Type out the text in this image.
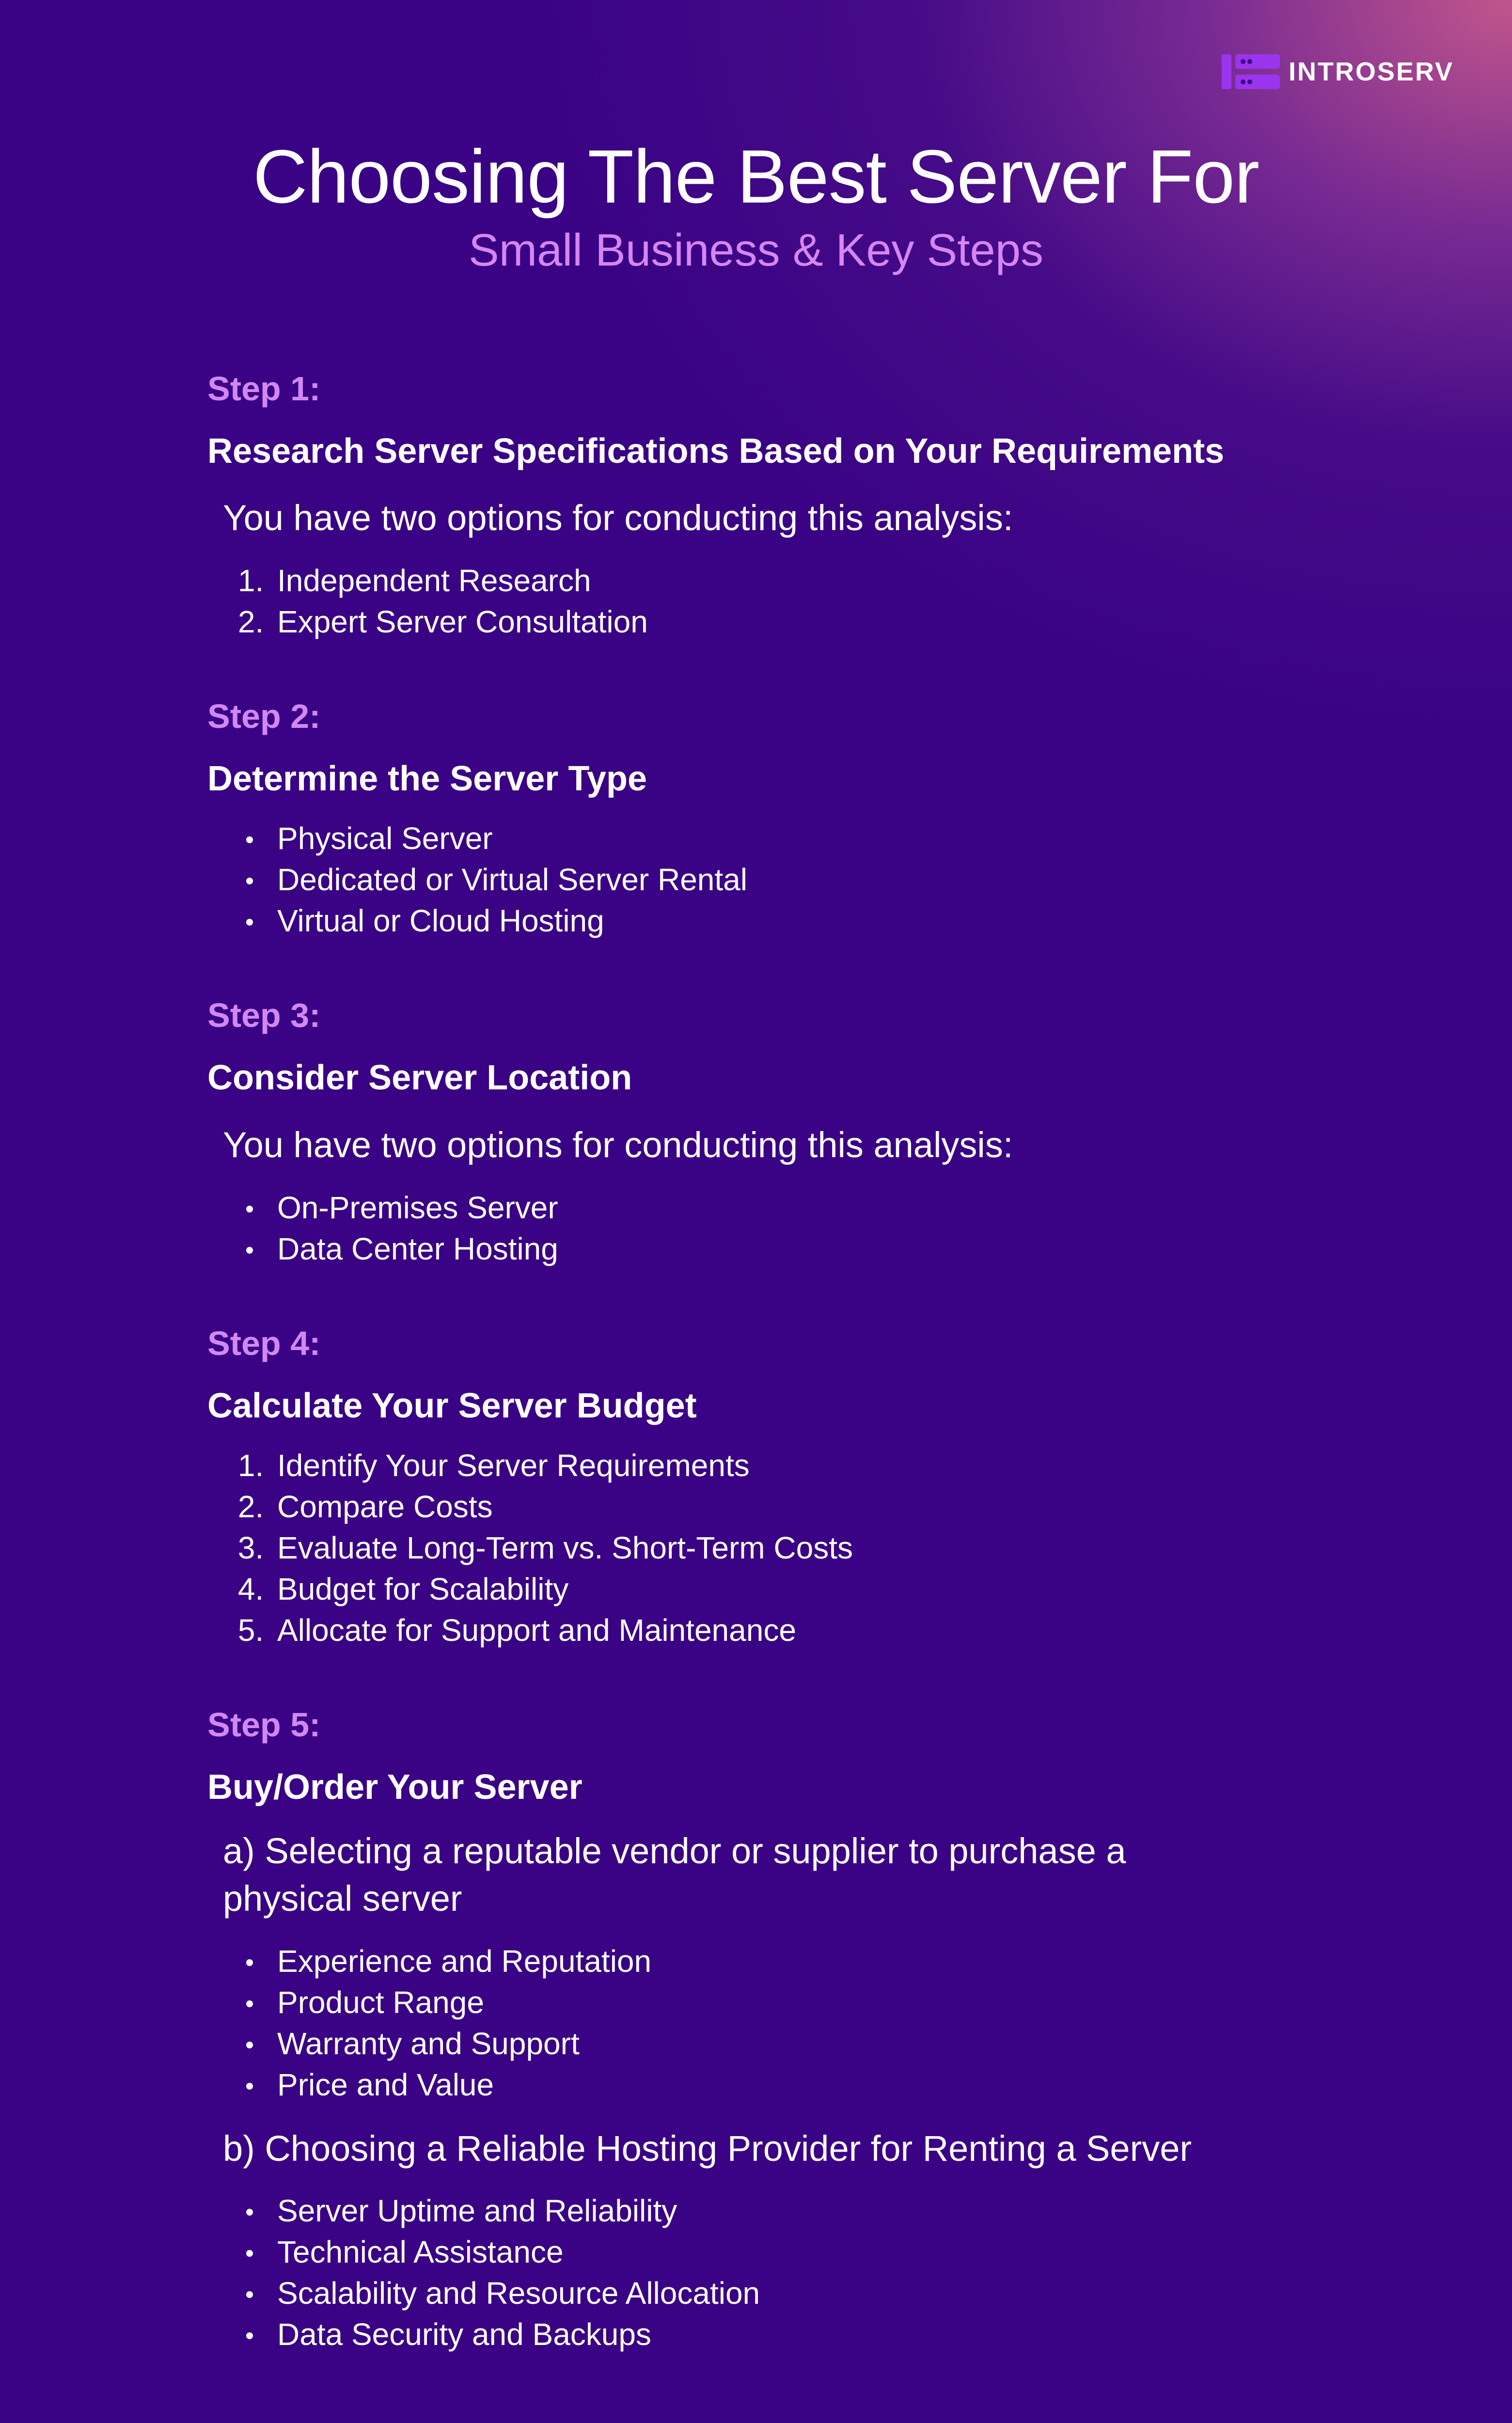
INTROSERV
Choosing The Best Server For
Small Business & Key Steps
Step 1:
Research Server Specifications Based on Your Requirements
You have two options for conducting this analysis:
1. Independent Research
2. Expert Server Consultation
Step 2:
Determine the Server Type
Physical Server
Dedicated or Virtual Server Rental
Virtual or Cloud Hosting
Step 3:
Consider Server Location
You have two options for conducting this analysis:
On-Premises Server
Data Center Hosting
Step 4:
Calculate Your Server Budget
1. Identify Your Server Requirements
2. Compare Costs
3. Evaluate Long-Term vs. Short-Term Costs
4. Budget for Scalability
5. Allocate for Support and Maintenance
Step 5:
Buy/Order Your Server
a) Selecting a reputable vendor or supplier to purchase a physical server
Experience and Reputation
Product Range
Warranty and Support
Price and Value
b) Choosing a Reliable Hosting Provider for Renting a Server
Server Uptime and Reliability
Technical Assistance
Scalability and Resource Allocation
Data Security and Backups
